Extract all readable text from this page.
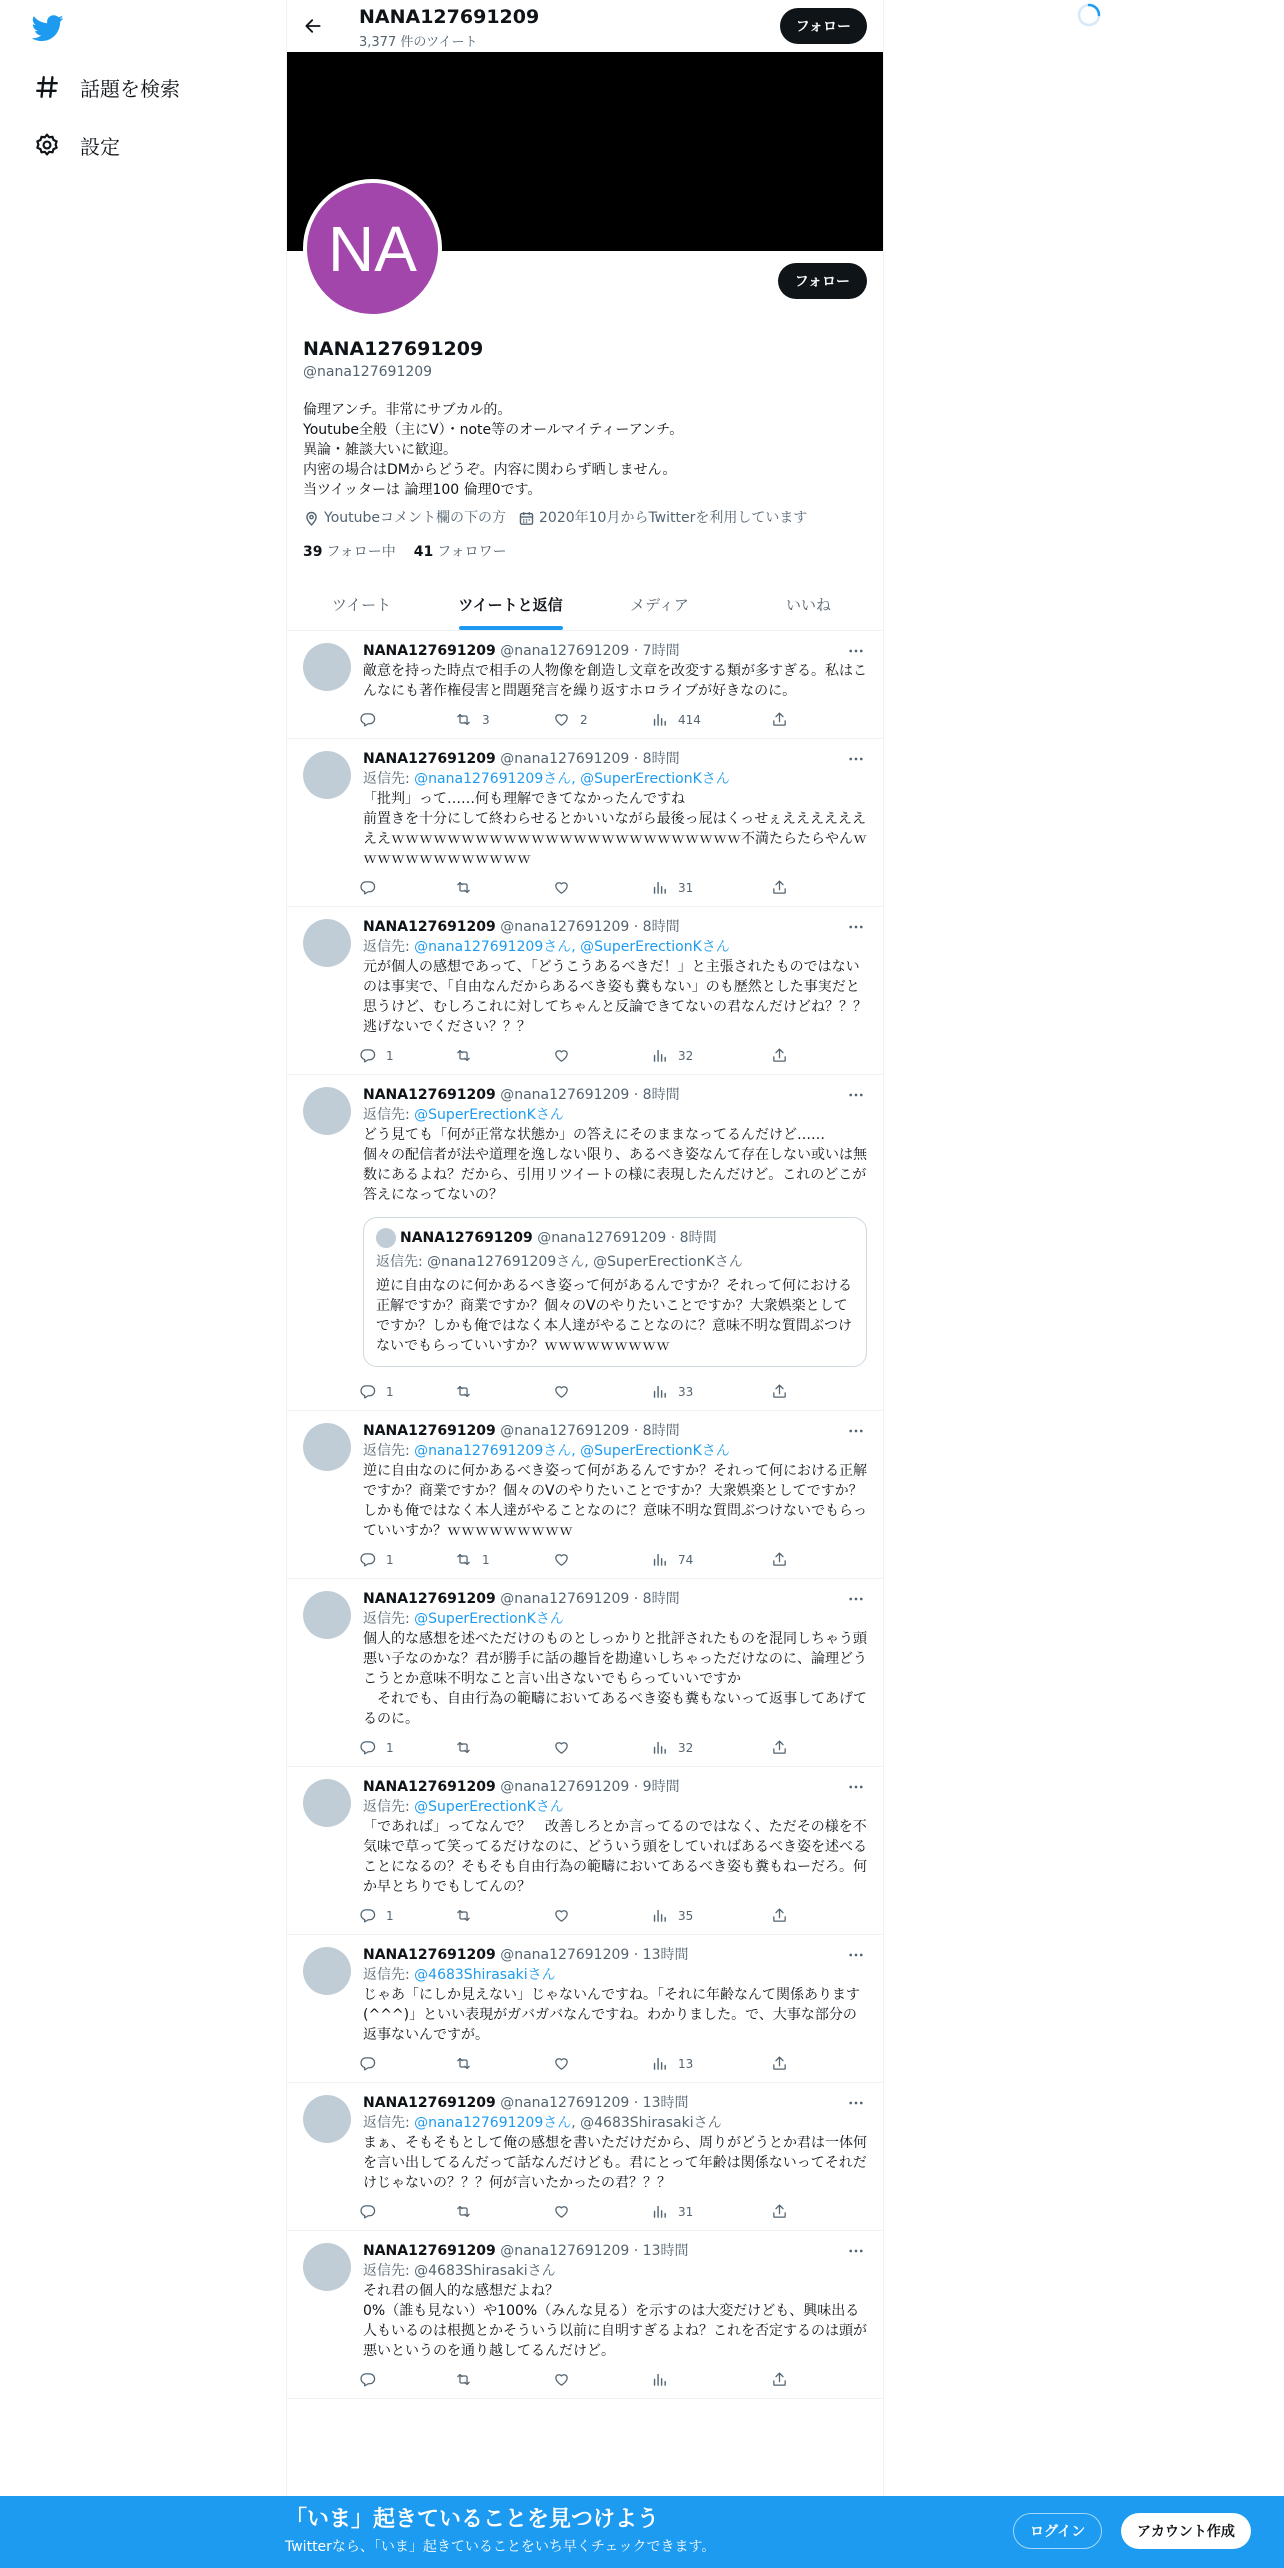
話題を検索
設定
NANA127691209
3,377 件のツイート
フォロー
NA	フォロー
NANA127691209
@nana127691209
倫理アンチ。非常にサブカル的。
Youtube全般（主にV）・note等のオールマイティーアンチ。
異論・雑談大いに歓迎。
内密の場合はDMからどうぞ。内容に関わらず晒しません。
当ツイッターは 論理100 倫理0です。
Youtubeコメント欄の下の方 2020年10月からTwitterを利用しています
39 フォロー中 41 フォロワー
ツイート	ツイートと返信	メディア	いいね
NANA127691209 @nana127691209 · 7時間
敵意を持った時点で相手の人物像を創造し文章を改変する類が多すぎる。私はこんなにも著作権侵害と問題発言を繰り返すホロライブが好きなのに。
3	2	414
NANA127691209 @nana127691209 · 8時間
返信先: @nana127691209さん, @SuperErectionKさん
「批判」って……何も理解できてなかったんですね
前置きを十分にして終わらせるとかいいながら最後っ屁はくっせぇええええええええｗｗｗｗｗｗｗｗｗｗｗｗｗｗｗｗｗｗｗｗｗｗｗｗｗ不満たらたらやんｗｗｗｗｗｗｗｗｗｗｗｗｗ
31
NANA127691209 @nana127691209 · 8時間
返信先: @nana127691209さん, @SuperErectionKさん
元が個人の感想であって、「どうこうあるべきだ！」と主張されたものではないのは事実で、「自由なんだからあるべき姿も糞もない」のも歴然とした事実だと思うけど、むしろこれに対してちゃんと反論できてないの君なんだけどね？？？逃げないでください？？？
1	32
NANA127691209 @nana127691209 · 8時間
返信先: @SuperErectionKさん
どう見ても「何が正常な状態か」の答えにそのままなってるんだけど……
個々の配信者が法や道理を逸しない限り、あるべき姿なんて存在しない或いは無数にあるよね？だから、引用リツイートの様に表現したんだけど。これのどこが答えになってないの？
NANA127691209
@nana127691209
· 8時間
返信先: @nana127691209さん, @SuperErectionKさん
逆に自由なのに何かあるべき姿って何があるんですか？それって何における正解ですか？商業ですか？個々のVのやりたいことですか？大衆娯楽としてですか？しかも俺ではなく本人達がやることなのに？意味不明な質問ぶつけないでもらっていいすか？ｗｗｗｗｗｗｗｗｗ
1	33
NANA127691209 @nana127691209 · 8時間
返信先: @nana127691209さん, @SuperErectionKさん
逆に自由なのに何かあるべき姿って何があるんですか？それって何における正解ですか？商業ですか？個々のVのやりたいことですか？大衆娯楽としてですか？しかも俺ではなく本人達がやることなのに？意味不明な質問ぶつけないでもらっていいすか？ｗｗｗｗｗｗｗｗｗ
1	1	74
NANA127691209 @nana127691209 · 8時間
返信先: @SuperErectionKさん
個人的な感想を述べただけのものとしっかりと批評されたものを混同しちゃう頭悪い子なのかな？君が勝手に話の趣旨を勘違いしちゃっただけなのに、論理どうこうとか意味不明なこと言い出さないでもらっていいですか
　それでも、自由行為の範疇においてあるべき姿も糞もないって返事してあげてるのに。
1	32
NANA127691209 @nana127691209 · 9時間
返信先: @SuperErectionKさん
「であれば」ってなんで？　改善しろとか言ってるのではなく、ただその様を不気味で草って笑ってるだけなのに、どういう頭をしていればあるべき姿を述べることになるの？そもそも自由行為の範疇においてあるべき姿も糞もねーだろ。何か早とちりでもしてんの？
1	35
NANA127691209 @nana127691209 · 13時間
返信先: @4683Shirasakiさん
じゃあ「にしか見えない」じゃないんですね。「それに年齢なんて関係あります(^^^)」といい表現がガバガバなんですね。わかりました。で、大事な部分の返事ないんですが。
13
NANA127691209 @nana127691209 · 13時間
返信先: @nana127691209さん, @4683Shirasakiさん
まぁ、そもそもとして俺の感想を書いただけだから、周りがどうとか君は一体何を言い出してるんだって話なんだけども。君にとって年齢は関係ないってそれだけじゃないの？？？何が言いたかったの君？？？
31
NANA127691209 @nana127691209 · 13時間
返信先: @4683Shirasakiさん
それ君の個人的な感想だよね？
0%（誰も見ない）や100%（みんな見る）を示すのは大変だけども、興味出る人もいるのは根拠とかそういう以前に自明すぎるよね？これを否定するのは頭が悪いというのを通り越してるんだけど。
「いま」起きていることを見つけよう
Twitterなら、「いま」起きていることをいち早くチェックできます。
ログイン	アカウント作成
